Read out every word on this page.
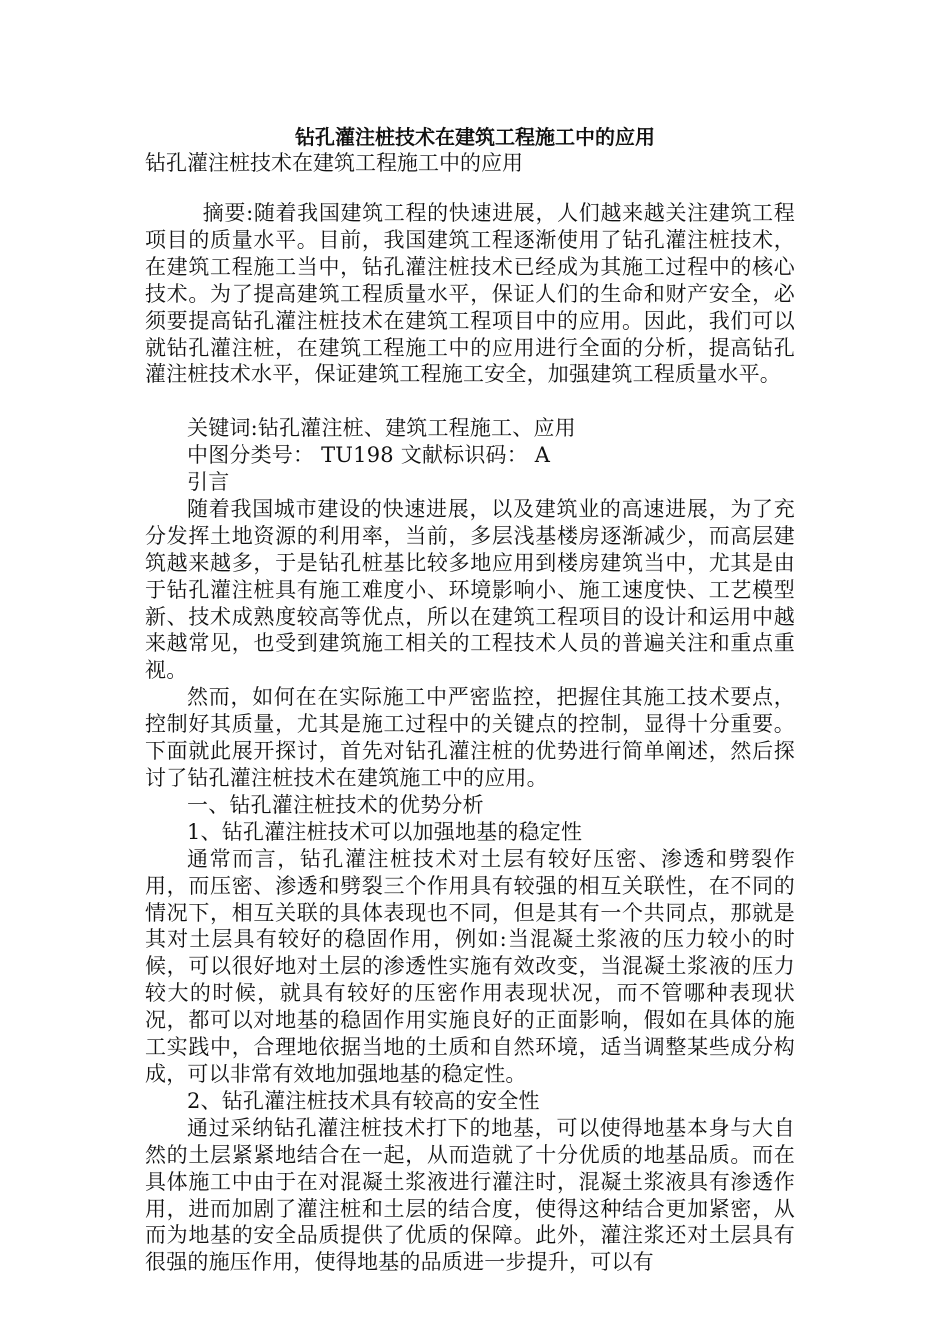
钻孔灌注桩技术在建筑工程施工中的应用

钻孔灌注桩技术在建筑工程施工中的应用

摘要:随着我国建筑工程的快速进展，人们越来越关注建筑工程项目的质量水平。目前，我国建筑工程逐渐使用了钻孔灌注桩技术，在建筑工程施工当中，钻孔灌注桩技术已经成为其施工过程中的核心技术。为了提高建筑工程质量水平，保证人们的生命和财产安全，必须要提高钻孔灌注桩技术在建筑工程项目中的应用。因此，我们可以就钻孔灌注桩，在建筑工程施工中的应用进行全面的分析，提高钻孔灌注桩技术水平，保证建筑工程施工安全，加强建筑工程质量水平。

关键词:钻孔灌注桩、建筑工程施工、应用

中图分类号： TU198 文献标识码： A

引言

随着我国城市建设的快速进展，以及建筑业的高速进展，为了充分发挥土地资源的利用率，当前，多层浅基楼房逐渐减少，而高层建筑越来越多，于是钻孔桩基比较多地应用到楼房建筑当中，尤其是由于钻孔灌注桩具有施工难度小、环境影响小、施工速度快、工艺模型新、技术成熟度较高等优点，所以在建筑工程项目的设计和运用中越来越常见，也受到建筑施工相关的工程技术人员的普遍关注和重点重视。

然而，如何在在实际施工中严密监控，把握住其施工技术要点，控制好其质量，尤其是施工过程中的关键点的控制，显得十分重要。下面就此展开探讨，首先对钻孔灌注桩的优势进行简单阐述，然后探讨了钻孔灌注桩技术在建筑施工中的应用。

一、钻孔灌注桩技术的优势分析

1、钻孔灌注桩技术可以加强地基的稳定性

通常而言，钻孔灌注桩技术对土层有较好压密、渗透和劈裂作用，而压密、渗透和劈裂三个作用具有较强的相互关联性，在不同的情况下，相互关联的具体表现也不同，但是其有一个共同点，那就是其对土层具有较好的稳固作用，例如:当混凝土浆液的压力较小的时候，可以很好地对土层的渗透性实施有效改变，当混凝土浆液的压力较大的时候，就具有较好的压密作用表现状况，而不管哪种表现状况，都可以对地基的稳固作用实施良好的正面影响，假如在具体的施工实践中，合理地依据当地的土质和自然环境，适当调整某些成分构成，可以非常有效地加强地基的稳定性。

2、钻孔灌注桩技术具有较高的安全性

通过采纳钻孔灌注桩技术打下的地基，可以使得地基本身与大自然的土层紧紧地结合在一起，从而造就了十分优质的地基品质。而在具体施工中由于在对混凝土浆液进行灌注时，混凝土浆液具有渗透作用，进而加剧了灌注桩和土层的结合度，使得这种结合更加紧密，从而为地基的安全品质提供了优质的保障。此外，灌注浆还对土层具有很强的施压作用，使得地基的品质进一步提升，可以有
